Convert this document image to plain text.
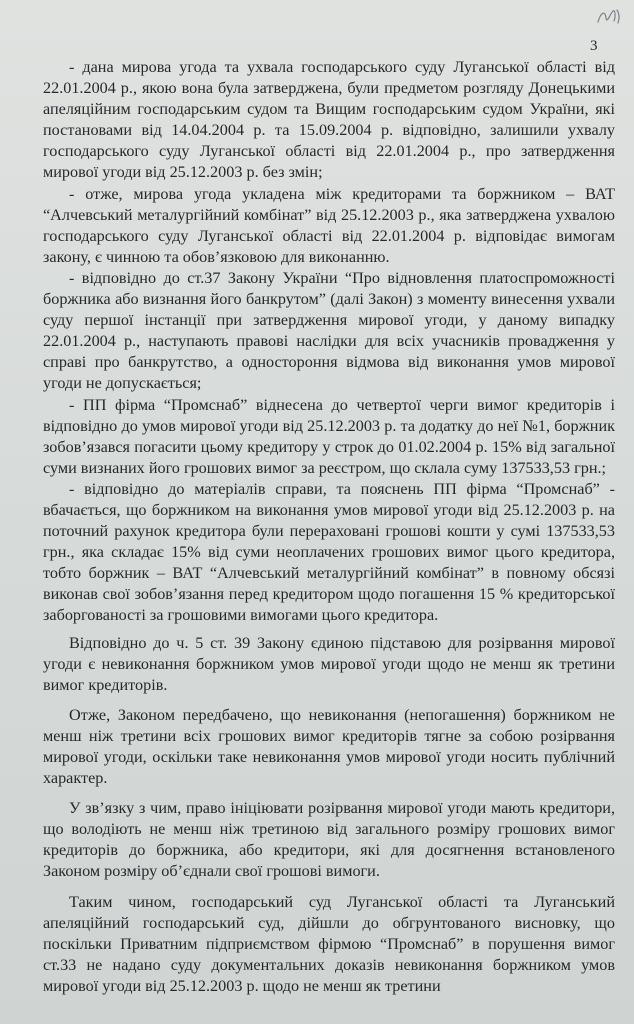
3

- дана мирова угода та ухвала господарського суду Луганської області від 22.01.2004 р., якою вона була затверджена, були предметом розгляду Донецькими апеляційним господарським судом та Вищим господарським судом України, які постановами від 14.04.2004 р. та 15.09.2004 р. відповідно, залишили ухвалу господарського суду Луганської області від 22.01.2004 р., про затвердження мирової угоди від 25.12.2003 р. без змін;

- отже, мирова угода укладена між кредиторами та боржником – ВАТ “Алчевський металургійний комбінат” від 25.12.2003 р., яка затверджена ухвалою господарського суду Луганської області від 22.01.2004 р. відповідає вимогам закону, є чинною та обов’язковою для виконанню.

- відповідно до ст.37 Закону України “Про відновлення платоспроможності боржника або визнання його банкрутом” (далі Закон) з моменту винесення ухвали суду першої інстанції при затвердження мирової угоди, у даному випадку 22.01.2004 р., наступають правові наслідки для всіх учасників провадження у справі про банкрутство, а одностороння відмова від виконання умов мирової угоди не допускається;

- ПП фірма “Промснаб” віднесена до четвертої черги вимог кредиторів і відповідно до умов мирової угоди від 25.12.2003 р. та додатку до неї №1, боржник зобов’язався погасити цьому кредитору у строк до 01.02.2004 р. 15% від загальної суми визнаних його грошових вимог за реєстром, що склала суму 137533,53 грн.;

- відповідно до матеріалів справи, та пояснень ПП фірма “Промснаб” - вбачається, що боржником на виконання умов мирової угоди від 25.12.2003 р. на поточний рахунок кредитора були перераховані грошові кошти у сумі 137533,53 грн., яка складає 15% від суми неоплачених грошових вимог цього кредитора, тобто боржник – ВАТ “Алчевський металургійний комбінат” в повному обсязі виконав свої зобов’язання перед кредитором щодо погашення 15 % кредиторської заборгованості за грошовими вимогами цього кредитора.

Відповідно до ч. 5 ст. 39 Закону єдиною підставою для розірвання мирової угоди є невиконання боржником умов мирової угоди щодо не менш як третини вимог кредиторів.

Отже, Законом передбачено, що невиконання (непогашення) боржником не менш ніж третини всіх грошових вимог кредиторів тягне за собою розірвання мирової угоди, оскільки таке невиконання умов мирової угоди носить публічний характер.

У зв’язку з чим, право ініціювати розірвання мирової угоди мають кредитори, що володіють не менш ніж третиною від загального розміру грошових вимог кредиторів до боржника, або кредитори, які для досягнення встановленого Законом розміру об’єднали свої грошові вимоги.

Таким чином, господарський суд Луганської області та Луганський апеляційний господарський суд, дійшли до обгрунтованого висновку, що поскільки Приватним підприємством фірмою “Промснаб” в порушення вимог ст.33 не надано суду документальних доказів невиконання боржником умов мирової угоди від 25.12.2003 р. щодо не менш як третини
